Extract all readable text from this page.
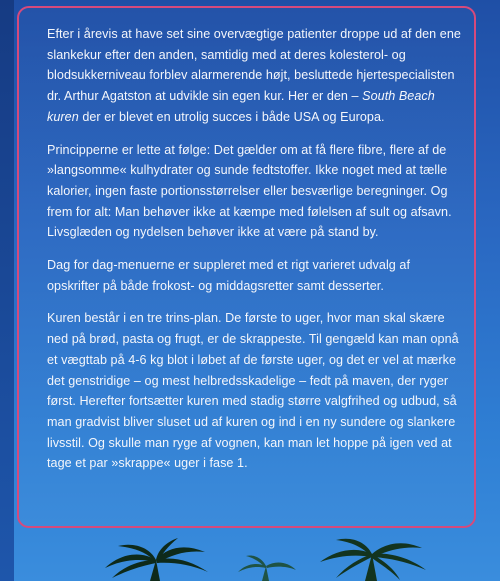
Efter i årevis at have set sine overvægtige patienter droppe ud af den ene slankekur efter den anden, samtidig med at deres kolesterol- og blodsukkerniveau forblev alarmerende højt, besluttede hjertespecialisten dr. Arthur Agatston at udvikle sin egen kur. Her er den – South Beach kuren der er blevet en utrolig succes i både USA og Europa.

Principperne er lette at følge: Det gælder om at få flere fibre, flere af de »langsomme« kulhydrater og sunde fedtstoffer. Ikke noget med at tælle kalorier, ingen faste portionsstørrelser eller besværlige beregninger. Og frem for alt: Man behøver ikke at kæmpe med følelsen af sult og afsavn. Livsglæden og nydelsen behøver ikke at være på stand by.

Dag for dag-menuerne er suppleret med et rigt varieret udvalg af opskrifter på både frokost- og middagsretter samt desserter.

Kuren består i en tre trins-plan. De første to uger, hvor man skal skære ned på brød, pasta og frugt, er de skrappeste. Til gengæld kan man opnå et vægttab på 4-6 kg blot i løbet af de første uger, og det er vel at mærke det genstridige – og mest helbredsskadelige – fedt på maven, der ryger først. Herefter fortsætter kuren med stadig større valgfrihed og udbud, så man gradvist bliver sluset ud af kuren og ind i en ny sundere og slankere livsstil. Og skulle man ryge af vognen, kan man let hoppe på igen ved at tage et par »skrappe« uger i fase 1.
